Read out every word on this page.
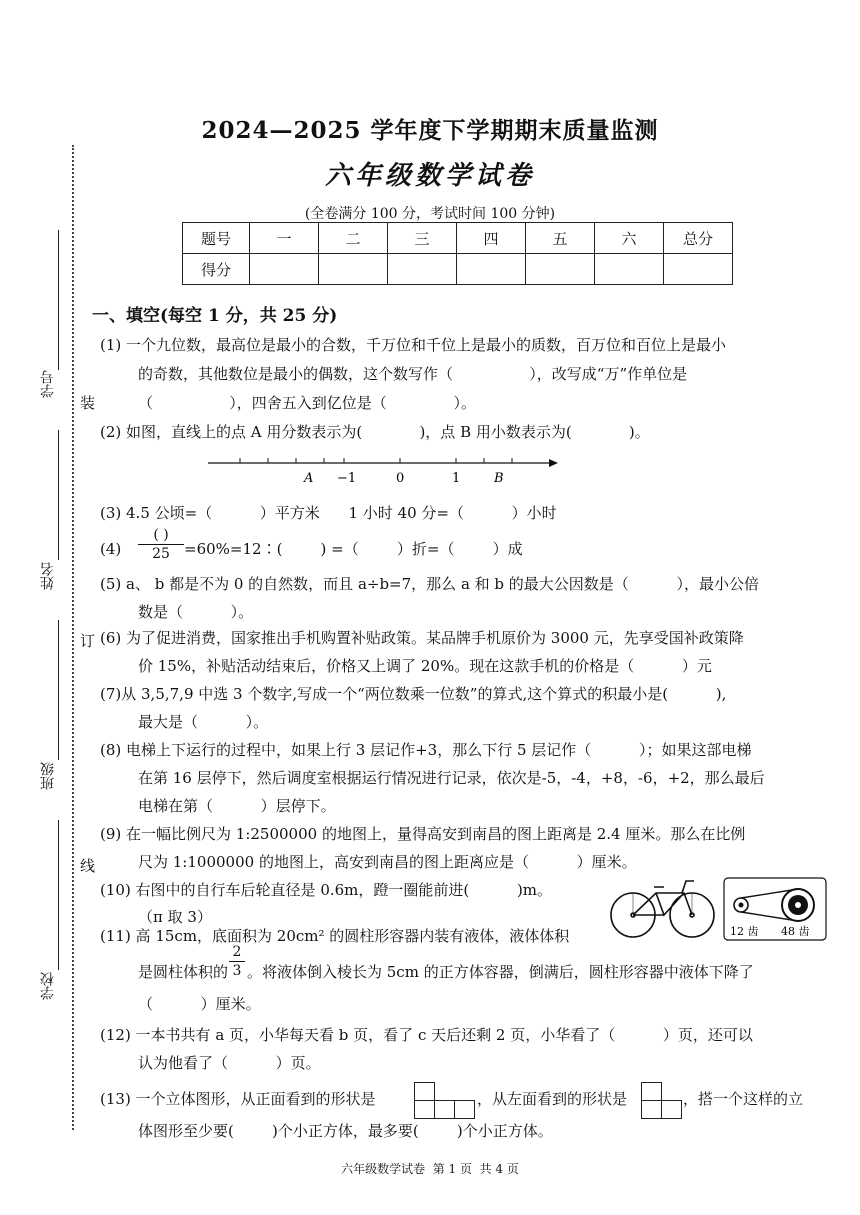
装
订
线
学号
姓名
班级
学校
2024—2025 学年度下学期期末质量监测
六年级数学试卷
(全卷满分 100 分，考试时间 100 分钟)
题号	一	二	三	四	五	六	总分
得分							
一、填空(每空 1 分，共 25 分)
(1) 一个九位数，最高位是最小的合数，千万位和千位上是最小的质数，百万位和百位上是最小
的奇数，其他数位是最小的偶数，这个数写作（                ），改写成“万”作单位是
（                ），四舍五入到亿位是（              ）。
(2) 如图，直线上的点 A 用分数表示为(            )，点 B 用小数表示为(            )。
A −1	0	1	B
(3) 4.5 公顷=（          ）平方米      1 小时 40 分=（          ）小时
(4)
( )
25 =60%=12∶(        ) =（        ）折=（        ）成
(5) a、 b 都是不为 0 的自然数，而且 a÷b=7，那么 a 和 b 的最大公因数是（          ），最小公倍
数是（          ）。
(6) 为了促进消费，国家推出手机购置补贴政策。某品牌手机原价为 3000 元，先享受国补政策降
价 15%，补贴活动结束后，价格又上调了 20%。现在这款手机的价格是（          ）元
(7)从 3,5,7,9 中选 3 个数字,写成一个“两位数乘一位数”的算式,这个算式的积最小是(          ),
最大是（          ）。
(8) 电梯上下运行的过程中，如果上行 3 层记作+3，那么下行 5 层记作（          ）；如果这部电梯
在第 16 层停下，然后调度室根据运行情况进行记录，依次是-5，-4，+8，-6，+2，那么最后
电梯在第（          ）层停下。
(9) 在一幅比例尺为 1:2500000 的地图上，量得高安到南昌的图上距离是 2.4 厘米。那么在比例
尺为 1:1000000 的地图上，高安到南昌的图上距离应是（          ）厘米。
(10) 右图中的自行车后轮直径是 0.6m，蹬一圈能前进(          )m。
（π 取 3）
12 齿 48 齿
(11) 高 15cm，底面积为 20cm² 的圆柱形容器内装有液体，液体体积
是圆柱体积的 $\frac{2}{3}$ 。将液体倒入棱长为 5cm 的正方体容器，倒满后，圆柱形容器中液体下降了
（          ）厘米。
(12) 一本书共有 a 页，小华每天看 b 页，看了 c 天后还剩 2 页，小华看了（          ）页，还可以
认为他看了（          ）页。
(13) 一个立体图形，从正面看到的形状是	，从左面看到的形状是	，搭一个这样的立
体图形至少要(        )个小正方体，最多要(        )个小正方体。
六年级数学试卷  第 1 页  共 4 页
